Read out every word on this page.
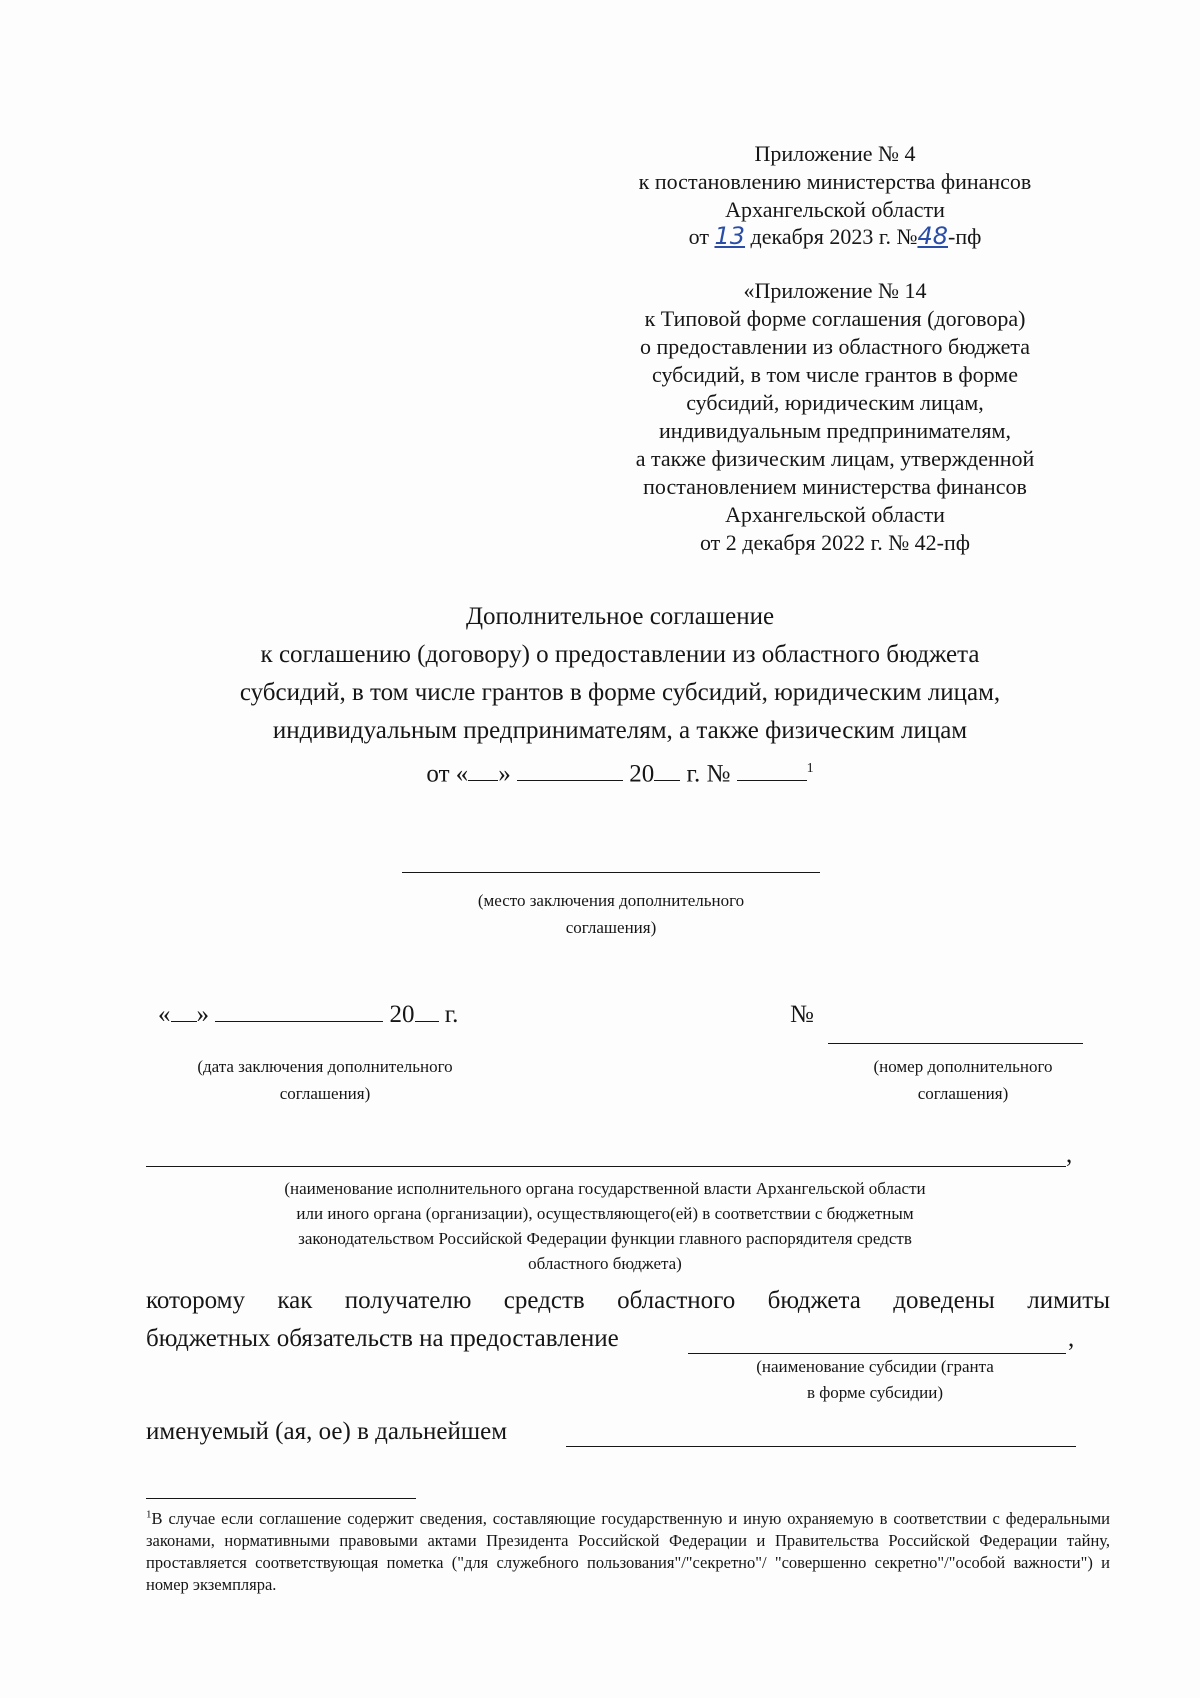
Приложение № 4
к постановлению министерства финансов
Архангельской области
от 13 декабря 2023 г. №48-пф
«Приложение № 14
к Типовой форме соглашения (договора)
о предоставлении из областного бюджета
субсидий, в том числе грантов в форме
субсидий, юридическим лицам,
индивидуальным предпринимателям,
а также физическим лицам, утвержденной
постановлением министерства финансов
Архангельской области
от 2 декабря 2022 г. № 42-пф
Дополнительное соглашение
к соглашению (договору) о предоставлении из областного бюджета
субсидий, в том числе грантов в форме субсидий, юридическим лицам,
индивидуальным предпринимателям, а также физическим лицам
от « »	20 г. №	$^1$
(место заключения дополнительного
соглашения)
« »	20 г.
(дата заключения дополнительного
соглашения)
№
(номер дополнительного
соглашения)
,
(наименование исполнительного органа государственной власти Архангельской области
или иного органа (организации), осуществляющего(ей) в соответствии с бюджетным
законодательством Российской Федерации функции главного распорядителя средств
областного бюджета)
которому как получателю средств областного бюджета доведены лимиты
бюджетных обязательств на предоставление	,
(наименование субсидии (гранта
в форме субсидии)
именуемый (ая, ое) в дальнейшем
$^1$В случае если соглашение содержит сведения, составляющие государственную и иную охраняемую в соответствии с федеральными законами, нормативными правовыми актами Президента Российской Федерации и Правительства Российской Федерации тайну, проставляется соответствующая пометка ("для служебного пользования"/"секретно"/ "совершенно секретно"/"особой важности") и номер экземпляра.
